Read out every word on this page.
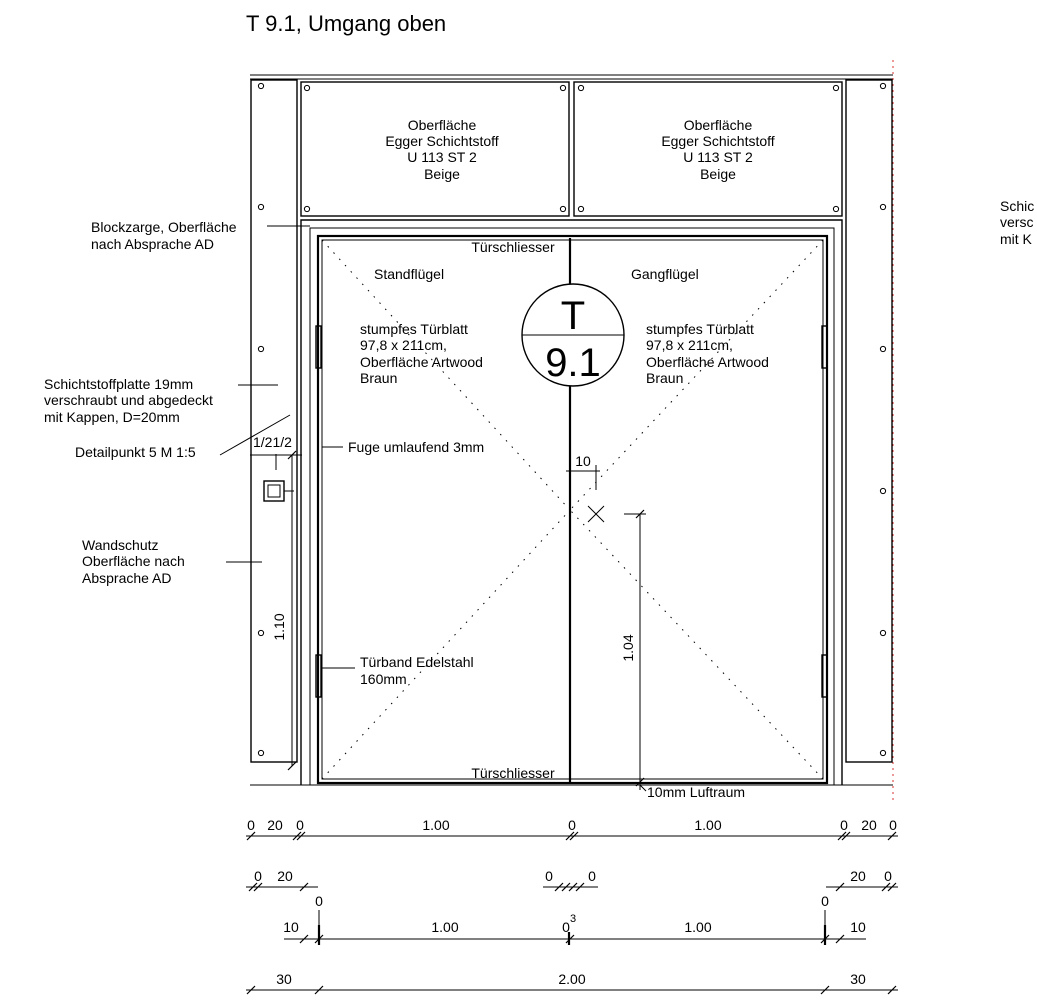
T 9.1, Umgang oben
Oberfläche
Egger Schichtstoff
U 113 ST 2
Beige
Oberfläche
Egger Schichtstoff
U 113 ST 2
Beige
Türschliesser
Türschliesser
Standflügel	Gangflügel
stumpfes Türblatt
97,8 x 211cm,
Oberfläche Artwood
Braun
stumpfes Türblatt
97,8 x 211cm,
Oberfläche Artwood
Braun
T
9.1
Türband Edelstahl
160mm
Fuge umlaufend 3mm
10
1.04
10mm Luftraum
1.10
1/21/2
Blockzarge, Oberfläche
nach Absprache AD
Schichtstoffplatte 19mm
verschraubt und abgedeckt
mit Kappen, D=20mm
Detailpunkt 5 M 1:5
Wandschutz
Oberfläche nach
Absprache AD
Schic
versc
mit K
0 20 0	1.00	0	1.00	0 20 0
0 20	0	0	20 0
10
0
1.00	0 3	1.00
0
10
30	2.00	30
